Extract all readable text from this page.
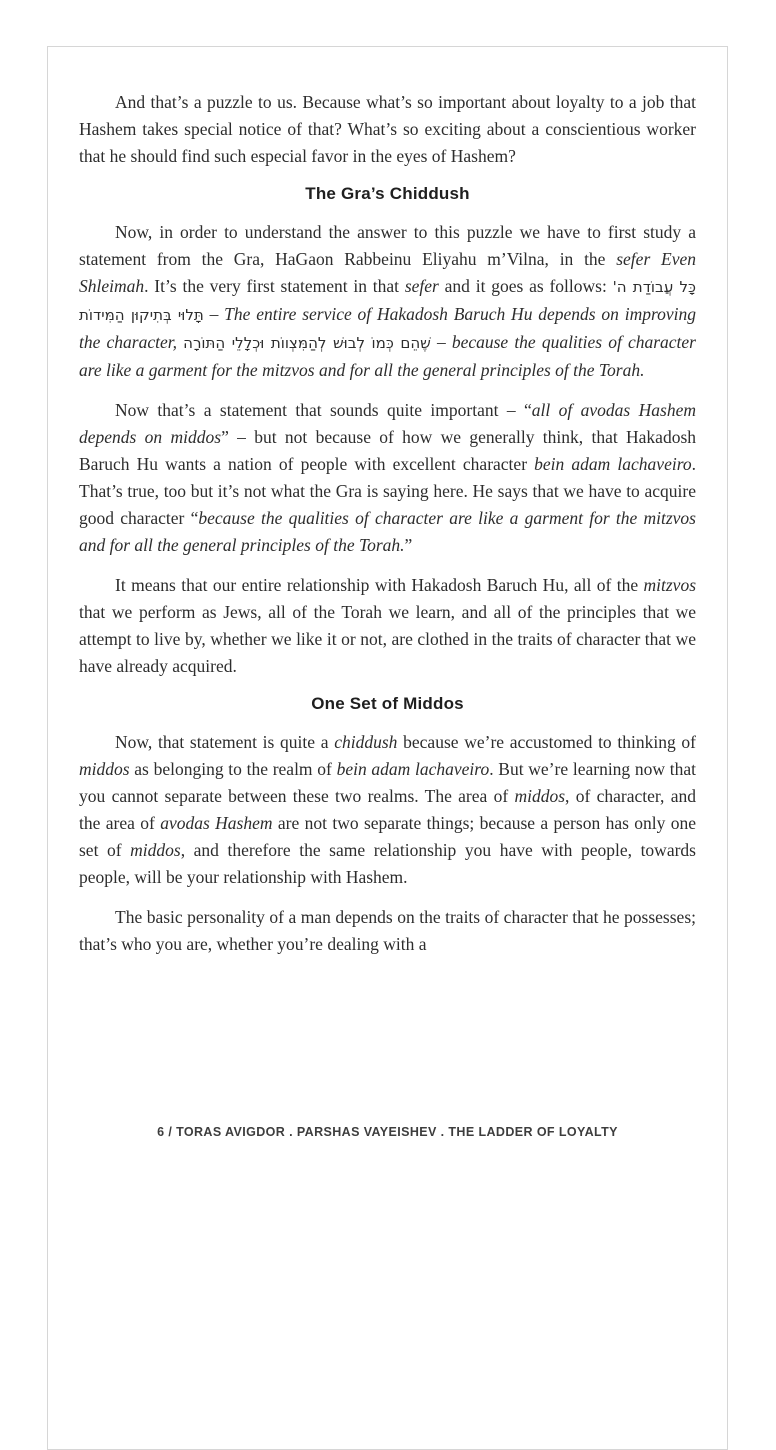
And that’s a puzzle to us. Because what’s so important about loyalty to a job that Hashem takes special notice of that? What’s so exciting about a conscientious worker that he should find such especial favor in the eyes of Hashem?

The Gra’s Chiddush

Now, in order to understand the answer to this puzzle we have to first study a statement from the Gra, HaGaon Rabbeinu Eliyahu m’Vilna, in the sefer Even Shleimah. It’s the very first statement in that sefer and it goes as follows: כָּל עֲבוֹדַת ה' תָּלוּי בְּתִיקוּן הַמִּידוֹת – The entire service of Hakadosh Baruch Hu depends on improving the character, שֶׁהֵם כְּמוֹ לְבוּשׁ לְהַמִּצְווֹת וּכְלָלֵי הַתּוֹרָה – because the qualities of character are like a garment for the mitzvos and for all the general principles of the Torah.

Now that’s a statement that sounds quite important – “all of avodas Hashem depends on middos” – but not because of how we generally think, that Hakadosh Baruch Hu wants a nation of people with excellent character bein adam lachaveiro. That’s true, too but it’s not what the Gra is saying here. He says that we have to acquire good character “because the qualities of character are like a garment for the mitzvos and for all the general principles of the Torah.”

It means that our entire relationship with Hakadosh Baruch Hu, all of the mitzvos that we perform as Jews, all of the Torah we learn, and all of the principles that we attempt to live by, whether we like it or not, are clothed in the traits of character that we have already acquired.

One Set of Middos

Now, that statement is quite a chiddush because we’re accustomed to thinking of middos as belonging to the realm of bein adam lachaveiro. But we’re learning now that you cannot separate between these two realms. The area of middos, of character, and the area of avodas Hashem are not two separate things; because a person has only one set of middos, and therefore the same relationship you have with people, towards people, will be your relationship with Hashem.

The basic personality of a man depends on the traits of character that he possesses; that’s who you are, whether you’re dealing with a

6 / TORAS AVIGDOR . PARSHAS VAYEISHEV . THE LADDER OF LOYALTY
